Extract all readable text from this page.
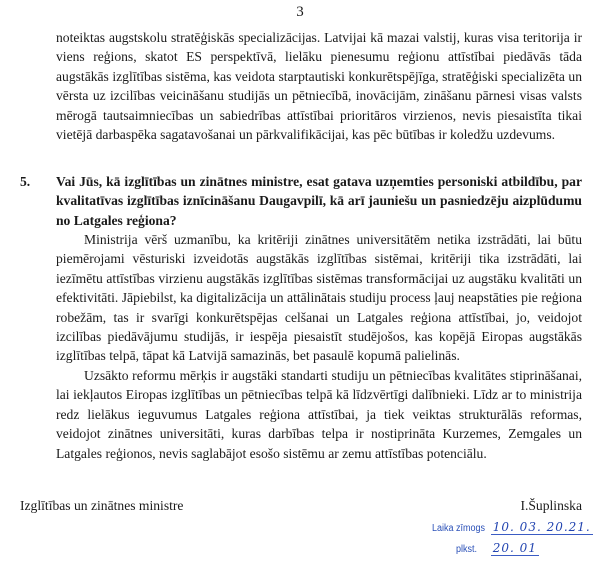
3

noteiktas augstskolu stratēģiskās specializācijas. Latvijai kā mazai valstij, kuras visa teritorija ir viens reģions, skatot ES perspektīvā, lielāku pienesumu reģionu attīstībai piedāvās tāda augstākās izglītības sistēma, kas veidota starptautiski konkurētspējīga, stratēģiski specializēta un vērsta uz izcilības veicināšanu studijās un pētniecībā, inovācijām, zināšanu pārnesi visas valsts mērogā tautsaimniecības un sabiedrības attīstībai prioritāros virzienos, nevis piesaistīta tikai vietējā darbaspēka sagatavošanai un pārkvalifikācijai, kas pēc būtības ir koledžu uzdevums.

5. Vai Jūs, kā izglītības un zinātnes ministre, esat gatava uzņemties personiski atbildību, par kvalitatīvas izglītības iznīcināšanu Daugavpilī, kā arī jauniešu un pasniedzēju aizplūdumu no Latgales reģiona?

Ministrija vērš uzmanību, ka kritēriji zinātnes universitātēm netika izstrādāti, lai būtu piemērojami vēsturiski izveidotās augstākās izglītības sistēmai, kritēriji tika izstrādāti, lai iezīmētu attīstības virzienu augstākās izglītības sistēmas transformācijai uz augstāku kvalitāti un efektivitāti. Jāpiebilst, ka digitalizācija un attālinātais studiju process ļauj neapstāties pie reģiona robežām, tas ir svarīgi konkurētspējas celšanai un Latgales reģiona attīstībai, jo, veidojot izcilības piedāvājumu studijās, ir iespēja piesaistīt studējošos, kas kopējā Eiropas augstākās izglītības telpā, tāpat kā Latvijā samazinās, bet pasaulē kopumā palielinās.

Uzsākto reformu mērķis ir augstāki standarti studiju un pētniecības kvalitātes stiprināšanai, lai iekļautos Eiropas izglītības un pētniecības telpā kā līdzvērtīgi dalībnieki. Līdz ar to ministrija redz lielākus ieguvumus Latgales reģiona attīstībai, ja tiek veiktas strukturālās reformas, veidojot zinātnes universitāti, kuras darbības telpa ir nostiprināta Kurzemes, Zemgales un Latgales reģionos, nevis saglabājot esošo sistēmu ar zemu attīstības potenciālu.

Izglītības un zinātnes ministre	I.Šuplinska
Laika zīmogs 10. 03. 20.21.
plkst. 20. 01
